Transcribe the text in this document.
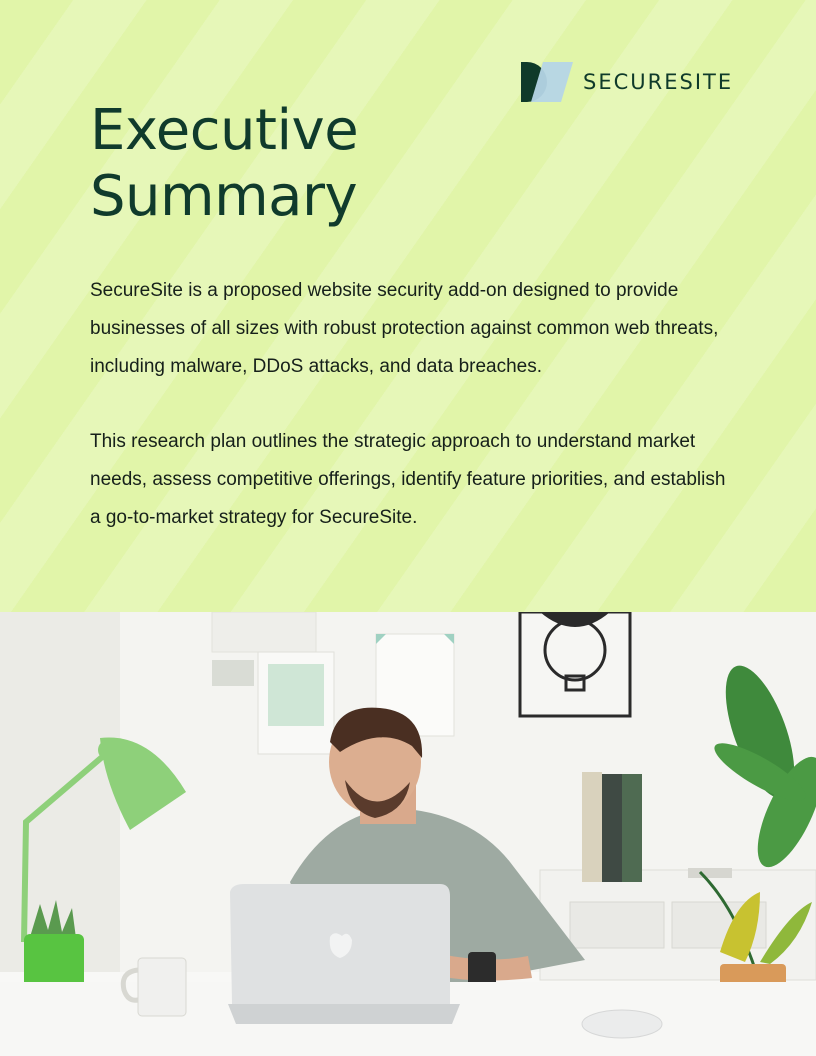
SECURESITE
Executive
Summary

SecureSite is a proposed website security add-on designed to provide businesses of all sizes with robust protection against common web threats, including malware, DDoS attacks, and data breaches.

This research plan outlines the strategic approach to understand market needs, assess competitive offerings, identify feature priorities, and establish a go-to-market strategy for SecureSite.
